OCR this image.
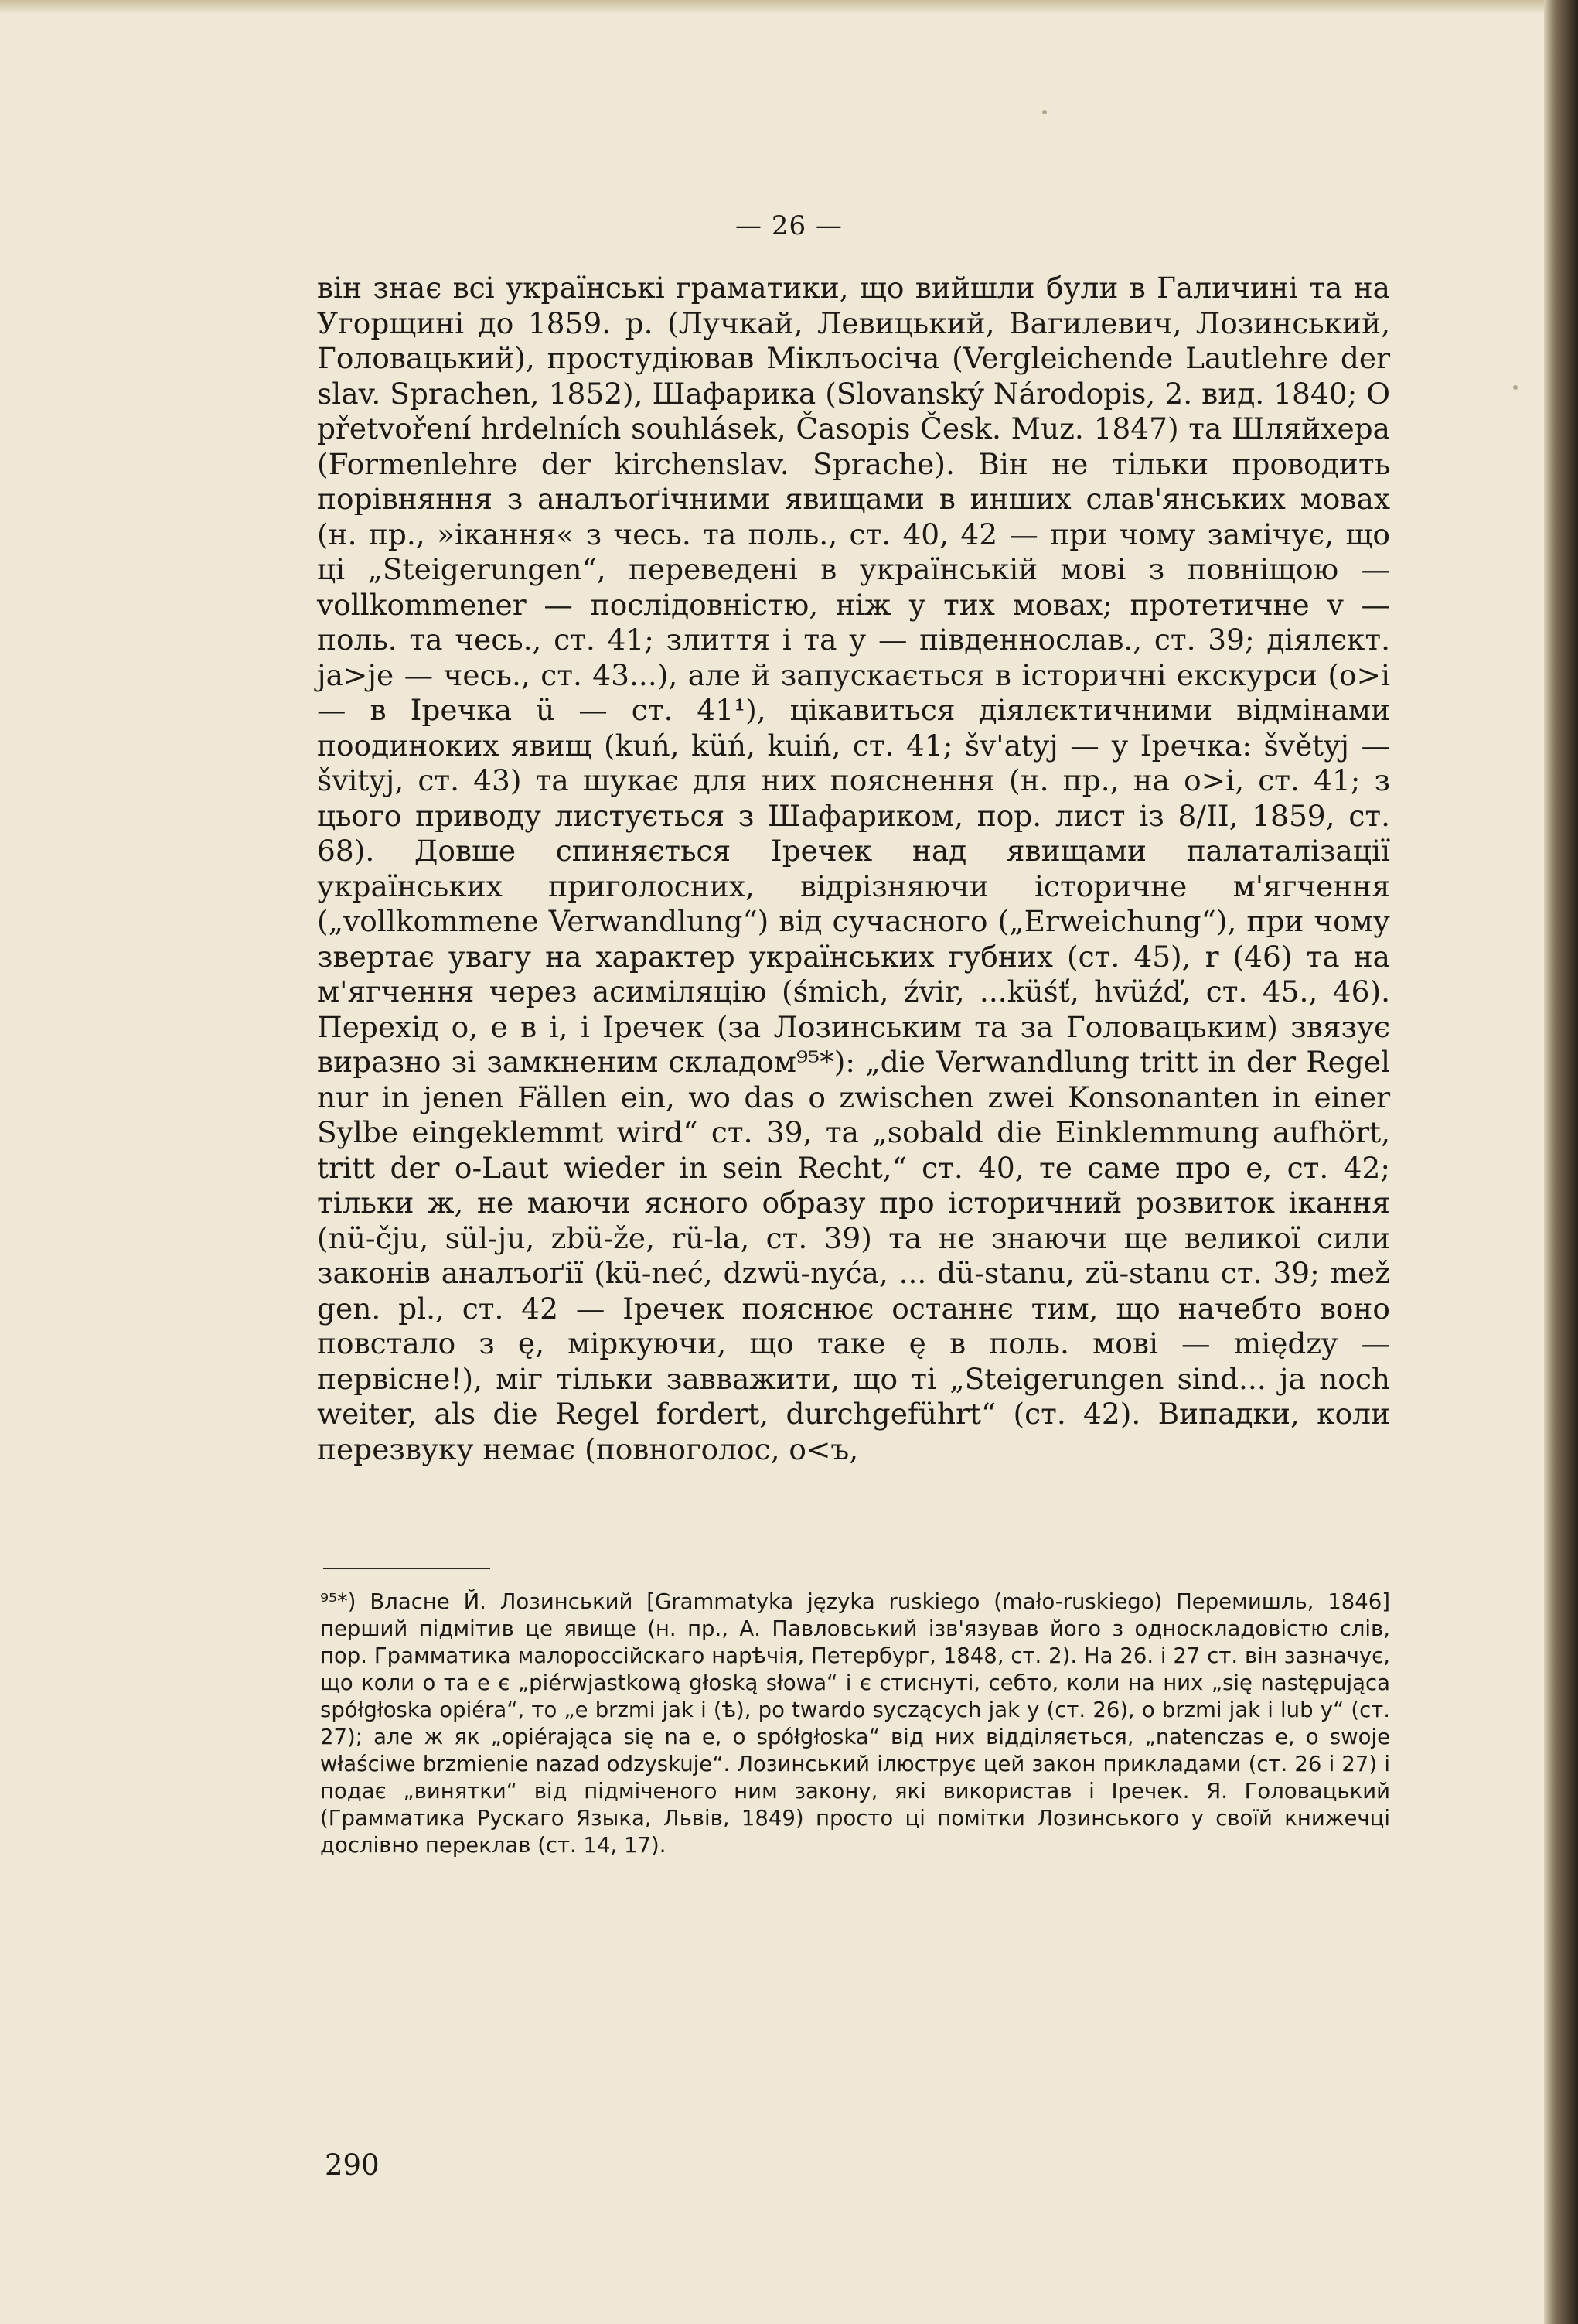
— 26 —

він знає всі українські граматики, що вийшли були в Галичині та на Угорщині до 1859. р. (Лучкай, Левицький, Вагилевич, Лозинський, Головацький), простудіював Міклъосіча (Vergleichende Lautlehre der slav. Sprachen, 1852), Шафарика (Slovanský Národopis, 2. вид. 1840; O přetvoření hrdelních souhlásek, Časopis Česk. Muz. 1847) та Шляйхера (Formenlehre der kirchenslav. Sprache). Він не тільки проводить порівняння з аналъоґічними явищами в инших слав'янських мовах (н. пр., »ікання« з чесь. та поль., ст. 40, 42 — при чому замічує, що ці „Steigerungen“, переведені в українській мові з повніщою — vollkommener — послідовністю, ніж у тих мовах; протетичне v — поль. та чесь., ст. 41; злиття і та у — південнослав., ст. 39; діялєкт. ja>je — чесь., ст. 43...), але й запускається в історичні екскурси (o>i — в Іречка ü — ст. 41¹), цікавиться діялєктичними відмінами поодиноких явищ (kuń, küń, kuiń, ст. 41; šv'atyj — у Іречка: švětyj — švityj, ст. 43) та шукає для них пояснення (н. пр., на o>i, ст. 41; з цього приводу листується з Шафариком, пор. лист із 8/II, 1859, ст. 68). Довше спиняється Іречек над явищами палаталізації українських приголосних, відрізняючи історичне м'ягчення („vollkommene Verwandlung“) від сучасного („Erweichung“), при чому звертає увагу на характер українських губних (ст. 45), r (46) та на м'ягчення через асиміляцію (śmich, źvir, ...küśť, hvüźď, ст. 45., 46). Перехід о, е в і, і Іречек (за Лозинським та за Головацьким) звязує виразно зі замкненим складом⁹⁵*): „die Verwandlung tritt in der Regel nur in jenen Fällen ein, wo das o zwischen zwei Konsonanten in einer Sylbe eingeklemmt wird“ ст. 39, та „sobald die Einklemmung aufhört, tritt der o-Laut wieder in sein Recht,“ ст. 40, те саме про е, ст. 42; тільки ж, не маючи ясного образу про історичний розвиток ікання (nü-čju, sül-ju, zbü-že, rü-la, ст. 39) та не знаючи ще великої сили законів аналъоґії (kü-neć, dzwü-nyća, ... dü-stanu, zü-stanu ст. 39; mež gen. pl., ст. 42 — Іречек пояснює останнє тим, що начебто воно повстало з ę, міркуючи, що таке ę в поль. мові — między — первісне!), міг тільки завважити, що ті „Steigerungen sind... ja noch weiter, als die Regel fordert, durchgeführt“ (ст. 42). Випадки, коли перезвуку немає (повноголос, o<ъ,

⁹⁵*) Власне Й. Лозинський [Grammatyka języka ruskiego (mało-ruskiego) Перемишль, 1846] перший підмітив це явище (н. пр., А. Павловський ізв'язував його з односкладовістю слів, пор. Грамматика малороссійскаго нарѣчія, Петербург, 1848, ст. 2). На 26. і 27 ст. він зазначує, що коли о та е є „piérwjastkową głoską słowa“ і є стиснуті, себто, коли на них „się następująca spółgłoska opiéra“, то „e brzmi jak i (ѣ), po twardo syczących jak y (ст. 26), o brzmi jak i lub y“ (ст. 27); але ж як „opiérająca się na e, o spółgłoska“ від них відділяється, „natenczas e, o swoje właściwe brzmienie nazad odzyskuje“. Лозинський ілюструє цей закон прикладами (ст. 26 і 27) і подає „винятки“ від підміченого ним закону, які використав і Іречек. Я. Головацький (Грамматика Рускаго Языка, Львів, 1849) просто ці помітки Лозинського у своїй книжечці дослівно переклав (ст. 14, 17).

290
